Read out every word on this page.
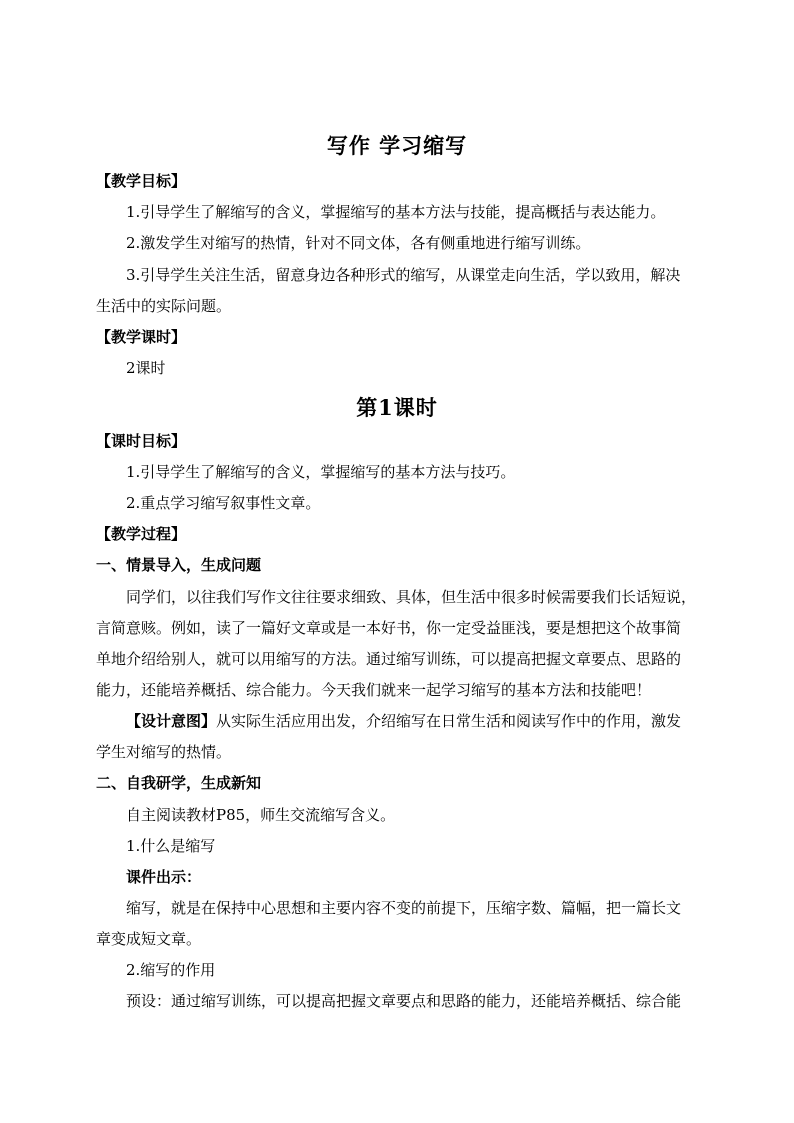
写作 学习缩写
【教学目标】
1.引导学生了解缩写的含义，掌握缩写的基本方法与技能，提高概括与表达能力。
2.激发学生对缩写的热情，针对不同文体，各有侧重地进行缩写训练。
3.引导学生关注生活，留意身边各种形式的缩写，从课堂走向生活，学以致用，解决
生活中的实际问题。
【教学课时】
2课时
第1课时
【课时目标】
1.引导学生了解缩写的含义，掌握缩写的基本方法与技巧。
2.重点学习缩写叙事性文章。
【教学过程】
一、情景导入，生成问题
同学们，以往我们写作文往往要求细致、具体，但生活中很多时候需要我们长话短说，
言简意赅。例如，读了一篇好文章或是一本好书，你一定受益匪浅，要是想把这个故事简
单地介绍给别人，就可以用缩写的方法。通过缩写训练，可以提高把握文章要点、思路的
能力，还能培养概括、综合能力。今天我们就来一起学习缩写的基本方法和技能吧！
【设计意图】从实际生活应用出发，介绍缩写在日常生活和阅读写作中的作用，激发
学生对缩写的热情。
二、自我研学，生成新知
自主阅读教材P85，师生交流缩写含义。
1.什么是缩写
课件出示：
缩写，就是在保持中心思想和主要内容不变的前提下，压缩字数、篇幅，把一篇长文
章变成短文章。
2.缩写的作用
预设：通过缩写训练，可以提高把握文章要点和思路的能力，还能培养概括、综合能
